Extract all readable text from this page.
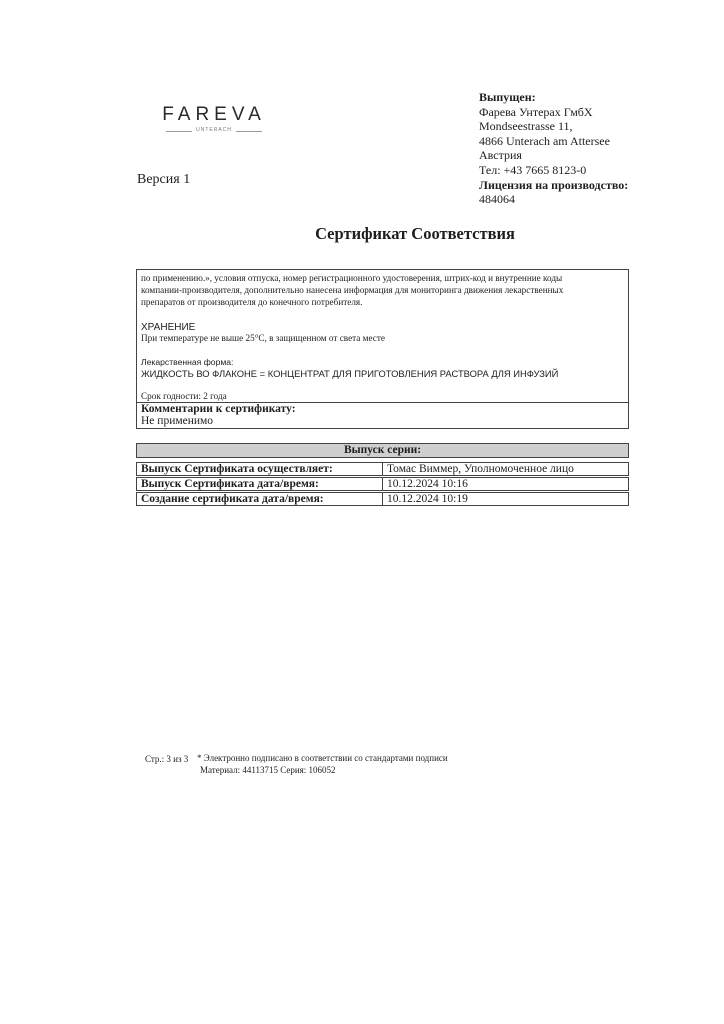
FAREVA
UNTERACH
Версия 1
Выпущен:
Фарева Унтерах ГмбХ
Mondseestrasse 11,
4866 Unterach am Attersee
Австрия
Тел: +43 7665 8123-0
Лицензия на производство:
484064
Сертификат Соответствия
по применению.», условия отпуска, номер регистрационного удостоверения, штрих-код и внутренние коды
компании-производителя, дополнительно нанесена информация для мониторинга движения лекарственных
препаратов от производителя до конечного потребителя.
ХРАНЕНИЕ
При температуре не выше 25°С, в защищенном от света месте
Лекарственная форма:
ЖИДКОСТЬ ВО ФЛАКОНЕ = КОНЦЕНТРАТ ДЛЯ ПРИГОТОВЛЕНИЯ РАСТВОРА ДЛЯ ИНФУЗИЙ
Срок годности: 2 года
Комментарии к сертификату:
Не применимо
Выпуск серии:
Выпуск Сертификата осуществляет:	Томас Виммер, Уполномоченное лицо
Выпуск Сертификата дата/время:	10.12.2024 10:16
Создание сертификата дата/время:	10.12.2024 10:19
Стр.: 3 из 3 * Электронно подписано в соответствии со стандартами подписи
Материал: 44113715 Серия: 106052
